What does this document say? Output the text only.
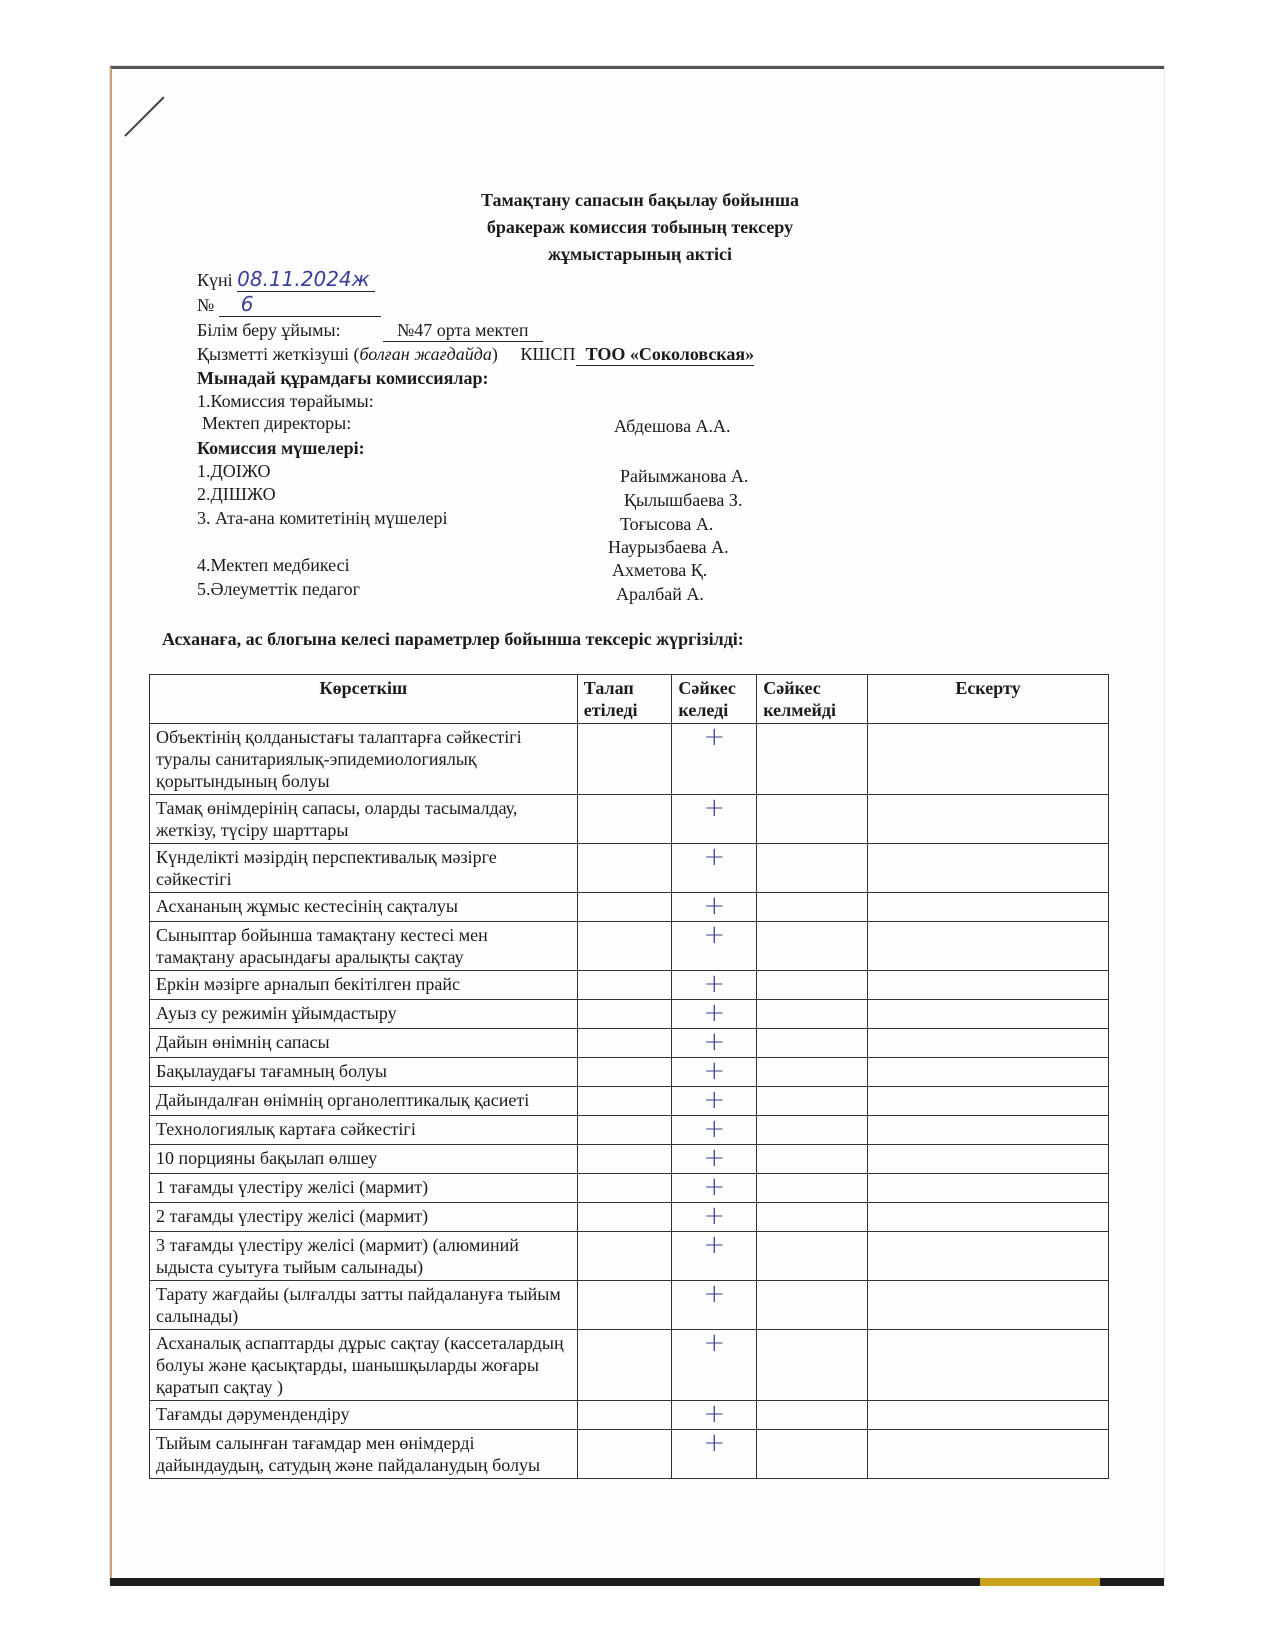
Тамақтану сапасын бақылау бойынша
бракераж комиссия тобының тексеру
жұмыстарының актісі
Күні 08.11.2024ж
№ 6
Білім беру ұйымы:	№47 орта мектеп
Қызметті жеткізуші (болған жағдайда) КШСП ТОО «Соколовская»
Мынадай құрамдағы комиссиялар:
1.Комиссия төрайымы:
Мектеп директоры:	Абдешова А.А.
Комиссия мүшелері:
1.ДОІЖО	Райымжанова А.
2.ДІШЖО	Қылышбаева З.
3. Ата-ана комитетінің мүшелері	Тоғысова А.
Наурызбаева А.
4.Мектеп медбикесі	Ахметова Қ.
5.Әлеуметтік педагог	Аралбай А.
Асханаға, ас блогына келесі параметрлер бойынша тексеріс жүргізілді:
Көрсеткіш	Талап етіледі	Сәйкес келеді	Сәйкес келмейді	Ескерту
Объектінің қолданыстағы талаптарға сәйкестігі туралы санитариялық-эпидемиологиялық қорытындының болуы		+		
Тамақ өнімдерінің сапасы, оларды тасымалдау, жеткізу, түсіру шарттары		+		
Күнделікті мәзірдің перспективалық мәзірге сәйкестігі		+		
Асхананың жұмыс кестесінің сақталуы		+		
Сыныптар бойынша тамақтану кестесі мен тамақтану арасындағы аралықты сақтау		+		
Еркін мәзірге арналып бекітілген прайс		+		
Ауыз су режимін ұйымдастыру		+		
Дайын өнімнің сапасы		+		
Бақылаудағы тағамның болуы		+		
Дайындалған өнімнің органолептикалық қасиеті		+		
Технологиялық картаға сәйкестігі		+		
10 порцияны бақылап өлшеу		+		
1 тағамды үлестіру желісі (мармит)		+		
2 тағамды үлестіру желісі (мармит)		+		
3 тағамды үлестіру желісі (мармит) (алюминий ыдыста суытуға тыйым салынады)		+		
Тарату жағдайы (ылғалды затты пайдалануға тыйым салынады)		+		
Асханалық аспаптарды дұрыс сақтау (кассеталардың болуы және қасықтарды, шанышқыларды жоғары қаратып сақтау )		+		
Тағамды дәрумендендіру		+		
Тыйым салынған тағамдар мен өнімдерді дайындаудың, сатудың және пайдаланудың болуы		+		
